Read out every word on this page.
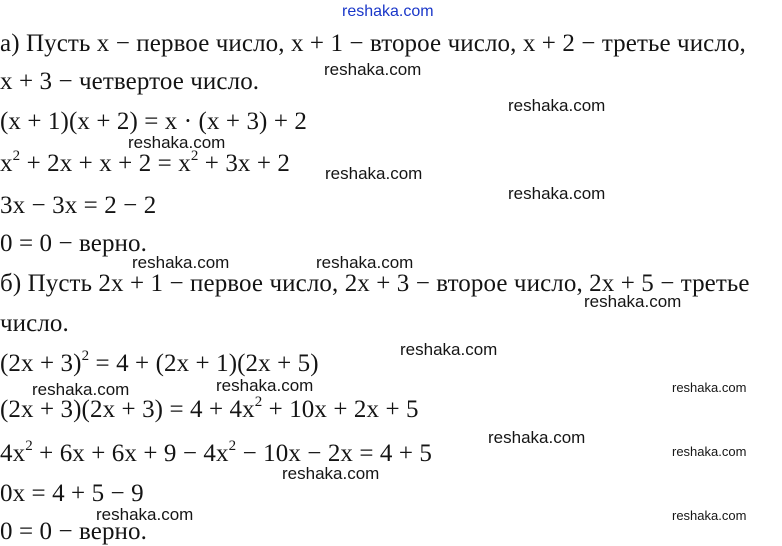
reshaka.com
а) Пусть x − первое число, x + 1 − второе число, x + 2 − третье число,
x + 3 − четвертое число.
(x + 1)(x + 2) = x · (x + 3) + 2
$x^2 + 2x + x + 2 = x^2 + 3x + 2$
3x − 3x = 2 − 2
0 = 0 − верно.
б) Пусть 2x + 1 − первое число, 2x + 3 − второе число, 2x + 5 − третье
число.
$(2x + 3)^2 = 4 + (2x + 1)(2x + 5)$
$(2x + 3)(2x + 3) = 4 + 4x^2 + 10x + 2x + 5$
$4x^2 + 6x + 6x + 9 - 4x^2 - 10x - 2x = 4 + 5$
0x = 4 + 5 − 9
0 = 0 − верно.
reshaka.com
reshaka.com
reshaka.com
reshaka.com
reshaka.com
reshaka.com	reshaka.com
reshaka.com
reshaka.com
reshaka.com	reshaka.com	reshaka.com
reshaka.com
reshaka.com
reshaka.com
reshaka.com	reshaka.com
